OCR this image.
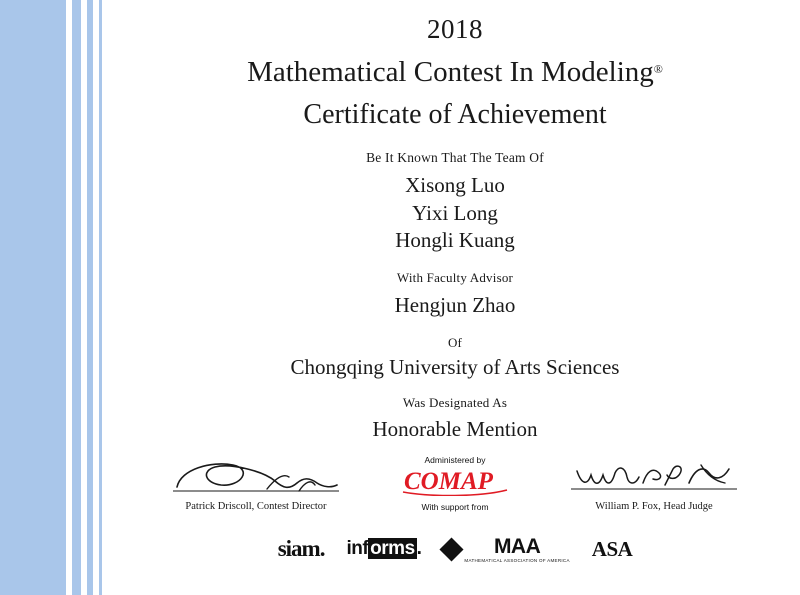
2018
Mathematical Contest In Modeling®
Certificate of Achievement
Be It Known That The Team Of
Xisong Luo
Yixi Long
Hongli Kuang
With Faculty Advisor
Hengjun Zhao
Of
Chongqing University of Arts Sciences
Was Designated As
Honorable Mention
Patrick Driscoll, Contest Director
Administered by
COMAP
With support from	William P. Fox, Head Judge
siam. inf orms .	MAA
MATHEMATICAL ASSOCIATION OF AMERICA ASA
